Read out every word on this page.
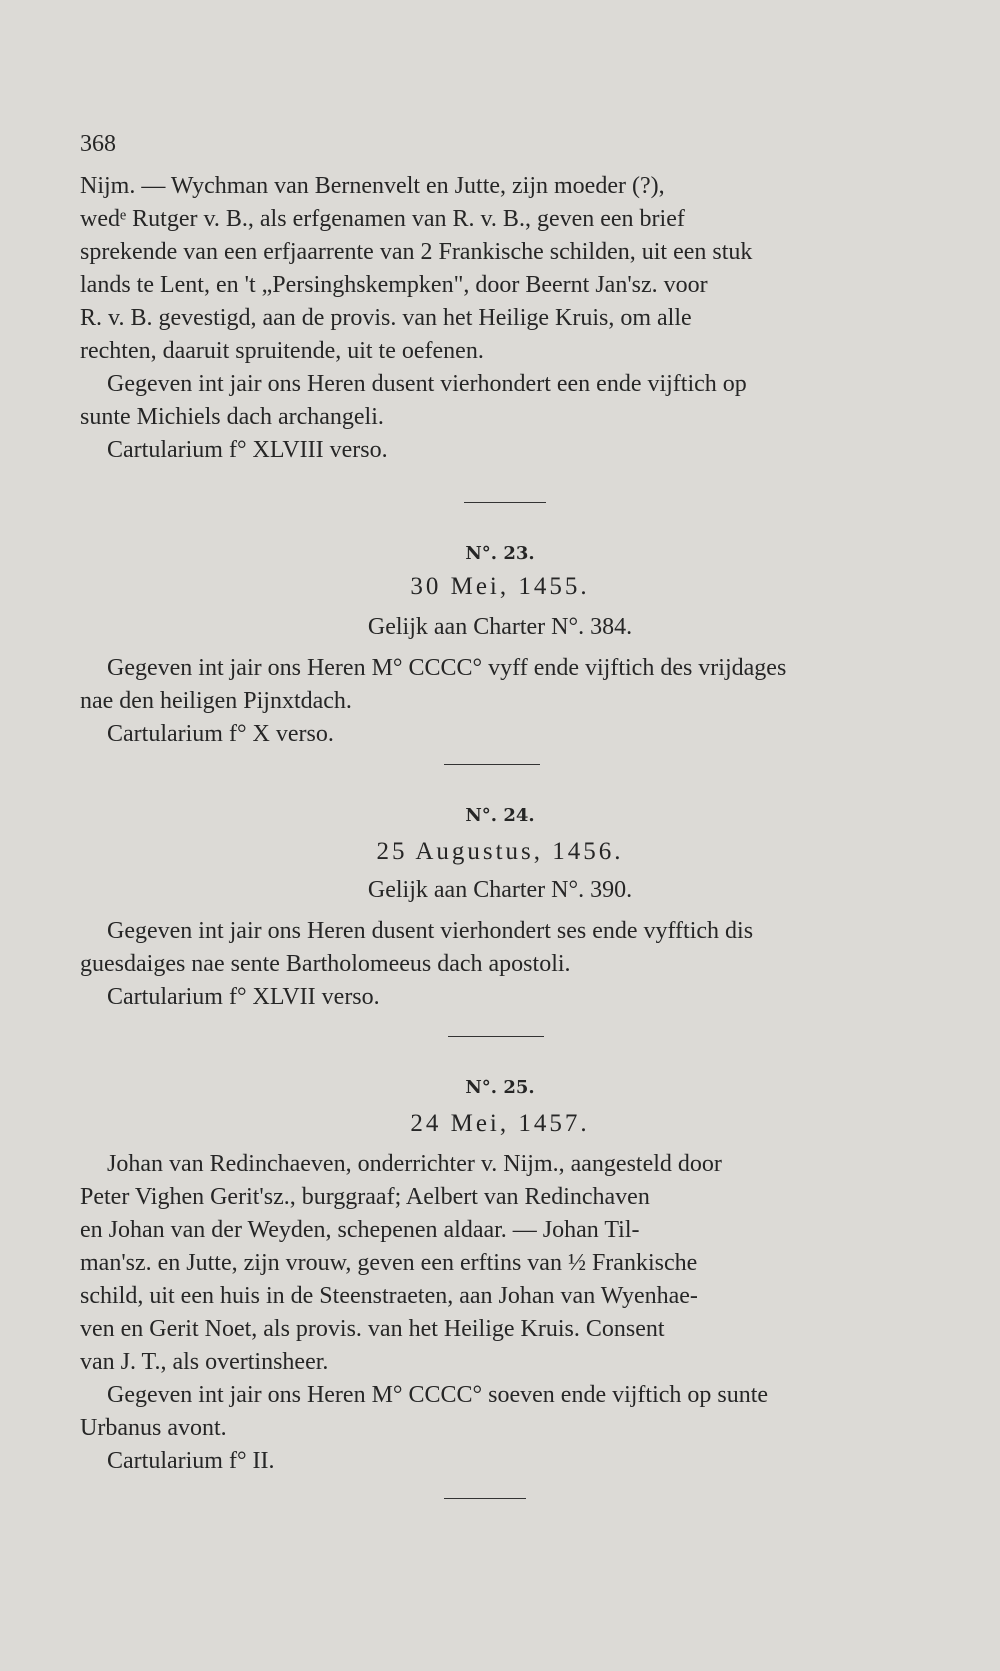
368

Nijm. — Wychman van Bernenvelt en Jutte, zijn moeder (?),
wedᵉ Rutger v. B., als erfgenamen van R. v. B., geven een brief
sprekende van een erfjaarrente van 2 Frankische schilden, uit een stuk
lands te Lent, en 't „Persinghskempken", door Beernt Jan'sz. voor
R. v. B. gevestigd, aan de provis. van het Heilige Kruis, om alle
rechten, daaruit spruitende, uit te oefenen.

Gegeven int jair ons Heren dusent vierhondert een ende vijftich op
sunte Michiels dach archangeli.

Cartularium f° XLVIII verso.

N°. 23.
30 Mei, 1455.
Gelijk aan Charter N°. 384.

Gegeven int jair ons Heren M° CCCC° vyff ende vijftich des vrijdages
nae den heiligen Pijnxtdach.

Cartularium f° X verso.

N°. 24.
25 Augustus, 1456.
Gelijk aan Charter N°. 390.

Gegeven int jair ons Heren dusent vierhondert ses ende vyfftich dis
guesdaiges nae sente Bartholomeeus dach apostoli.

Cartularium f° XLVII verso.

N°. 25.
24 Mei, 1457.

Johan van Redinchaeven, onderrichter v. Nijm., aangesteld door
Peter Vighen Gerit'sz., burggraaf; Aelbert van Redinchaven
en Johan van der Weyden, schepenen aldaar. — Johan Til-
man'sz. en Jutte, zijn vrouw, geven een erftins van ½ Frankische
schild, uit een huis in de Steenstraeten, aan Johan van Wyenhae-
ven en Gerit Noet, als provis. van het Heilige Kruis. Consent
van J. T., als overtinsheer.

Gegeven int jair ons Heren M° CCCC° soeven ende vijftich op sunte
Urbanus avont.

Cartularium f° II.
